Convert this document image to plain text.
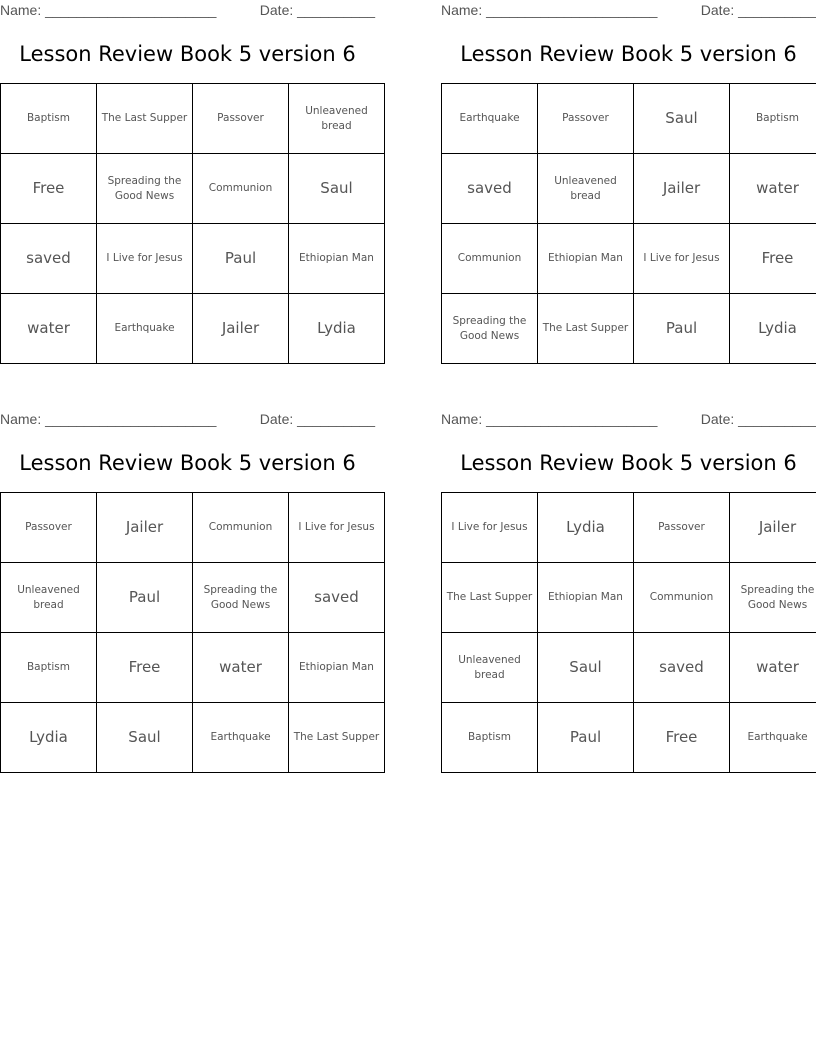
Name: ______________________	Date: __________
Lesson Review Book 5 version 6
Baptism	The Last Supper	Passover	Unleavened bread
Free	Spreading the Good News	Communion	Saul
saved	I Live for Jesus	Paul	Ethiopian Man
water	Earthquake	Jailer	Lydia
Name: ______________________	Date: __________
Lesson Review Book 5 version 6
Earthquake	Passover	Saul	Baptism
saved	Unleavened bread	Jailer	water
Communion	Ethiopian Man	I Live for Jesus	Free
Spreading the Good News	The Last Supper	Paul	Lydia
Name: ______________________	Date: __________
Lesson Review Book 5 version 6
Passover	Jailer	Communion	I Live for Jesus
Unleavened bread	Paul	Spreading the Good News	saved
Baptism	Free	water	Ethiopian Man
Lydia	Saul	Earthquake	The Last Supper
Name: ______________________	Date: __________
Lesson Review Book 5 version 6
I Live for Jesus	Lydia	Passover	Jailer
The Last Supper	Ethiopian Man	Communion	Spreading the Good News
Unleavened bread	Saul	saved	water
Baptism	Paul	Free	Earthquake
